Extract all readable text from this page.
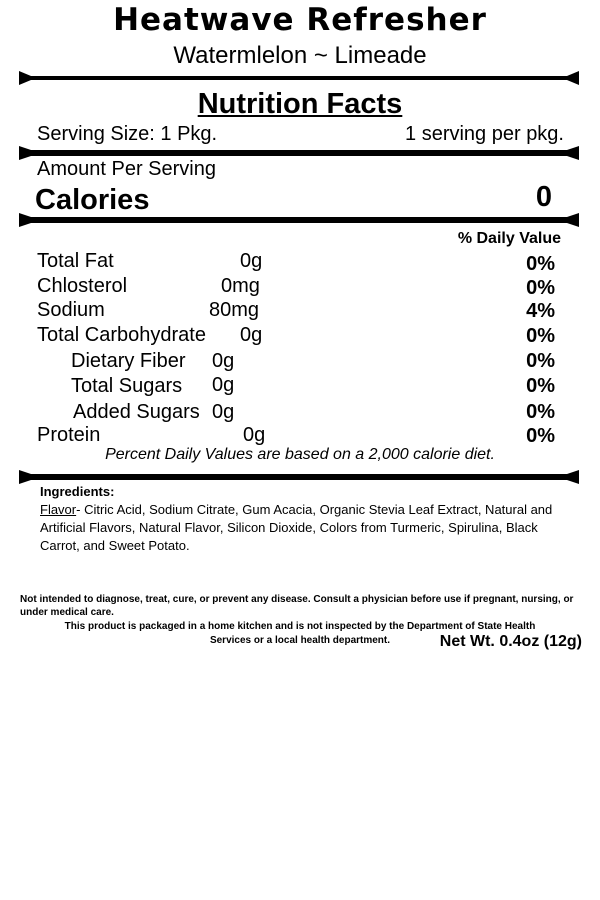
Heatwave Refresher
Watermlelon ~ Limeade
Nutrition Facts
Serving Size: 1 Pkg.	1 serving per pkg.
Amount Per Serving
Calories	0
% Daily Value
Total Fat	0g	0%
Chlosterol	0mg	0%
Sodium	80mg	4%
Total Carbohydrate 0g	0%
Dietary Fiber 0g	0%
Total Sugars 0g	0%
Added Sugars 0g	0%
Protein	0g	0%
Percent Daily Values are based on a 2,000 calorie diet.
Ingredients:
Flavor- Citric Acid, Sodium Citrate, Gum Acacia, Organic Stevia Leaf Extract, Natural and Artificial Flavors, Natural Flavor, Silicon Dioxide, Colors from Turmeric, Spirulina, Black Carrot, and Sweet Potato.
Not intended to diagnose, treat, cure, or prevent any disease. Consult a physician before use if pregnant, nursing, or under medical care.
This product is packaged in a home kitchen and is not inspected by the Department of State Health
Services or a local health department.	Net Wt. 0.4oz (12g)
